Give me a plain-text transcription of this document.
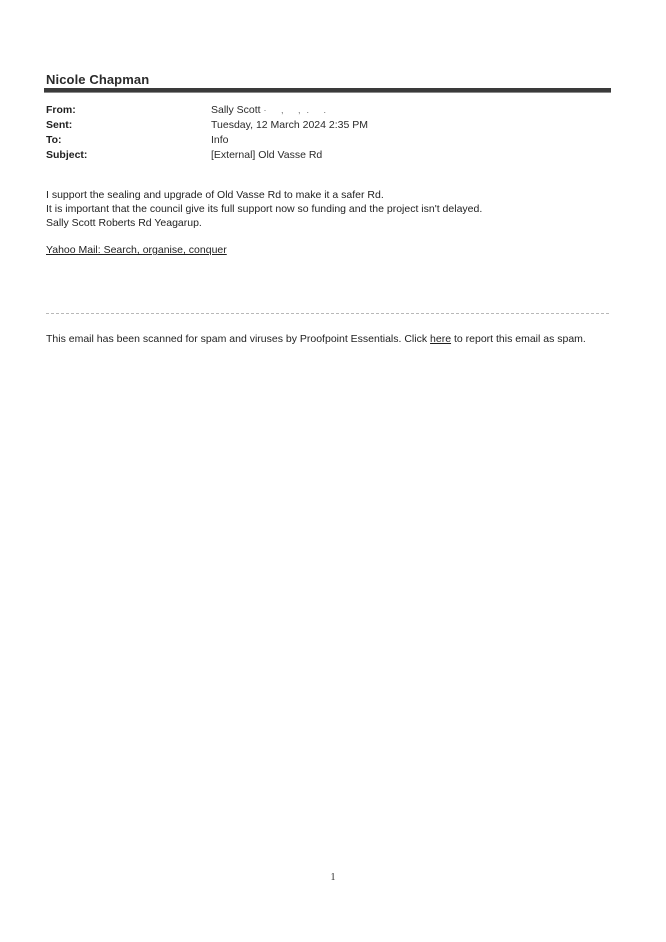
Nicole Chapman
From:	Sally Scott · , ,. .
Sent:	Tuesday, 12 March 2024 2:35 PM
To:	Info
Subject:	[External] Old Vasse Rd
I support the sealing and upgrade of Old Vasse Rd to make it a safer Rd.
It is important that the council give its full support now so funding and the project isn't delayed.
Sally Scott Roberts Rd Yeagarup.
Yahoo Mail: Search, organise, conquer
This email has been scanned for spam and viruses by Proofpoint Essentials. Click here to report this email as spam.
1
